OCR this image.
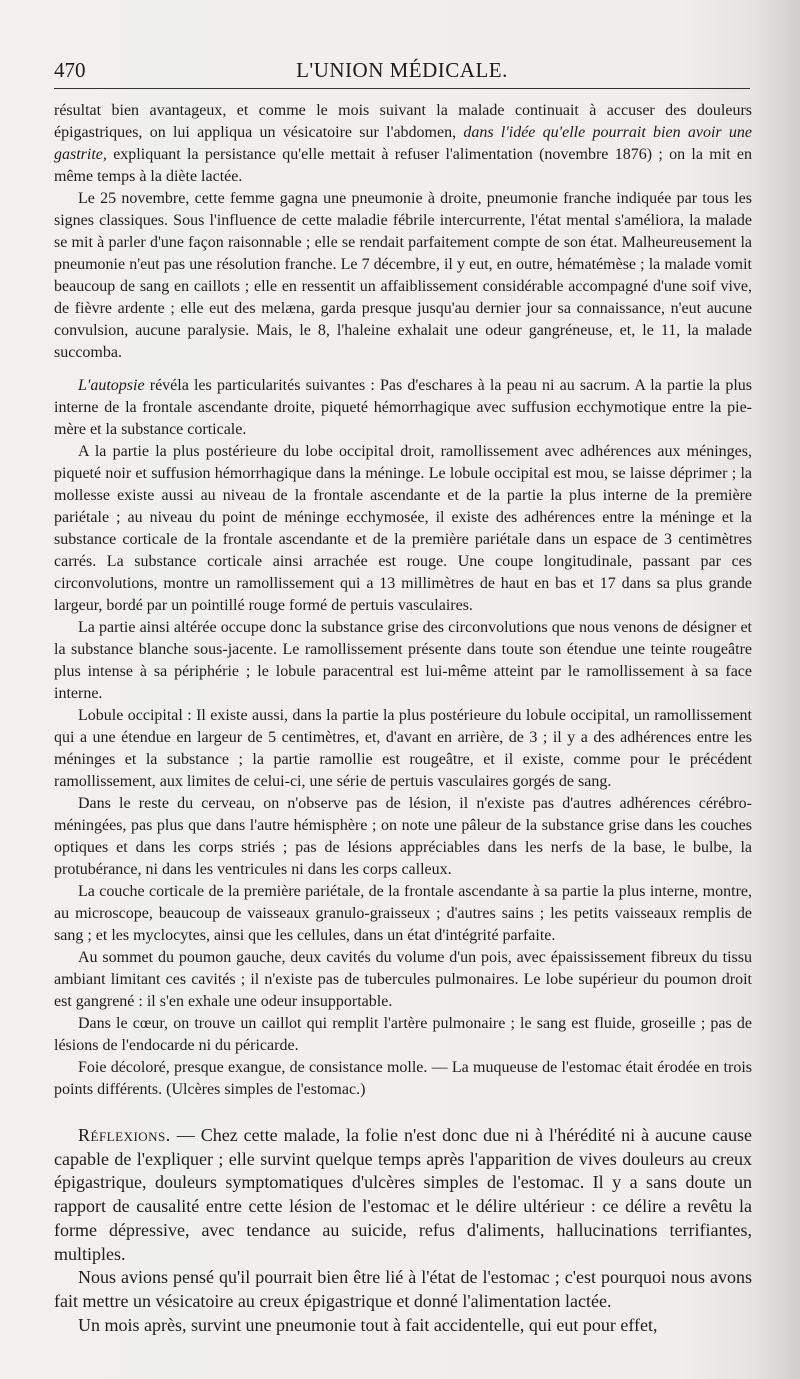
470	L'UNION MÉDICALE.

résultat bien avantageux, et comme le mois suivant la malade continuait à accuser des douleurs épigastriques, on lui appliqua un vésicatoire sur l'abdomen, dans l'idée qu'elle pourrait bien avoir une gastrite, expliquant la persistance qu'elle mettait à refuser l'alimentation (novembre 1876) ; on la mit en même temps à la diète lactée.

Le 25 novembre, cette femme gagna une pneumonie à droite, pneumonie franche indiquée par tous les signes classiques. Sous l'influence de cette maladie fébrile intercurrente, l'état mental s'améliora, la malade se mit à parler d'une façon raisonnable ; elle se rendait parfaitement compte de son état. Malheureusement la pneumonie n'eut pas une résolution franche. Le 7 décembre, il y eut, en outre, hématémèse ; la malade vomit beaucoup de sang en caillots ; elle en ressentit un affaiblissement considérable accompagné d'une soif vive, de fièvre ardente ; elle eut des melæna, garda presque jusqu'au dernier jour sa connaissance, n'eut aucune convulsion, aucune paralysie. Mais, le 8, l'haleine exhalait une odeur gangréneuse, et, le 11, la malade succomba.

L'autopsie révéla les particularités suivantes : Pas d'eschares à la peau ni au sacrum. A la partie la plus interne de la frontale ascendante droite, piqueté hémorrhagique avec suffusion ecchymotique entre la pie-mère et la substance corticale.

A la partie la plus postérieure du lobe occipital droit, ramollissement avec adhérences aux méninges, piqueté noir et suffusion hémorrhagique dans la méninge. Le lobule occipital est mou, se laisse déprimer ; la mollesse existe aussi au niveau de la frontale ascendante et de la partie la plus interne de la première pariétale ; au niveau du point de méninge ecchymosée, il existe des adhérences entre la méninge et la substance corticale de la frontale ascendante et de la première pariétale dans un espace de 3 centimètres carrés. La substance corticale ainsi arrachée est rouge. Une coupe longitudinale, passant par ces circonvolutions, montre un ramollissement qui a 13 millimètres de haut en bas et 17 dans sa plus grande largeur, bordé par un pointillé rouge formé de pertuis vasculaires.

La partie ainsi altérée occupe donc la substance grise des circonvolutions que nous venons de désigner et la substance blanche sous-jacente. Le ramollissement présente dans toute son étendue une teinte rougeâtre plus intense à sa périphérie ; le lobule paracentral est lui-même atteint par le ramollissement à sa face interne.

Lobule occipital : Il existe aussi, dans la partie la plus postérieure du lobule occipital, un ramollissement qui a une étendue en largeur de 5 centimètres, et, d'avant en arrière, de 3 ; il y a des adhérences entre les méninges et la substance ; la partie ramollie est rougeâtre, et il existe, comme pour le précédent ramollissement, aux limites de celui-ci, une série de pertuis vasculaires gorgés de sang.

Dans le reste du cerveau, on n'observe pas de lésion, il n'existe pas d'autres adhérences cérébro-méningées, pas plus que dans l'autre hémisphère ; on note une pâleur de la substance grise dans les couches optiques et dans les corps striés ; pas de lésions appréciables dans les nerfs de la base, le bulbe, la protubérance, ni dans les ventricules ni dans les corps calleux.

La couche corticale de la première pariétale, de la frontale ascendante à sa partie la plus interne, montre, au microscope, beaucoup de vaisseaux granulo-graisseux ; d'autres sains ; les petits vaisseaux remplis de sang ; et les myclocytes, ainsi que les cellules, dans un état d'intégrité parfaite.

Au sommet du poumon gauche, deux cavités du volume d'un pois, avec épaississement fibreux du tissu ambiant limitant ces cavités ; il n'existe pas de tubercules pulmonaires. Le lobe supérieur du poumon droit est gangrené : il s'en exhale une odeur insupportable.

Dans le cœur, on trouve un caillot qui remplit l'artère pulmonaire ; le sang est fluide, groseille ; pas de lésions de l'endocarde ni du péricarde.

Foie décoloré, presque exangue, de consistance molle. — La muqueuse de l'estomac était érodée en trois points différents. (Ulcères simples de l'estomac.)

Réflexions. — Chez cette malade, la folie n'est donc due ni à l'hérédité ni à aucune cause capable de l'expliquer ; elle survint quelque temps après l'apparition de vives douleurs au creux épigastrique, douleurs symptomatiques d'ulcères simples de l'estomac. Il y a sans doute un rapport de causalité entre cette lésion de l'estomac et le délire ultérieur : ce délire a revêtu la forme dépressive, avec tendance au suicide, refus d'aliments, hallucinations terrifiantes, multiples.

Nous avions pensé qu'il pourrait bien être lié à l'état de l'estomac ; c'est pourquoi nous avons fait mettre un vésicatoire au creux épigastrique et donné l'alimentation lactée.

Un mois après, survint une pneumonie tout à fait accidentelle, qui eut pour effet,
